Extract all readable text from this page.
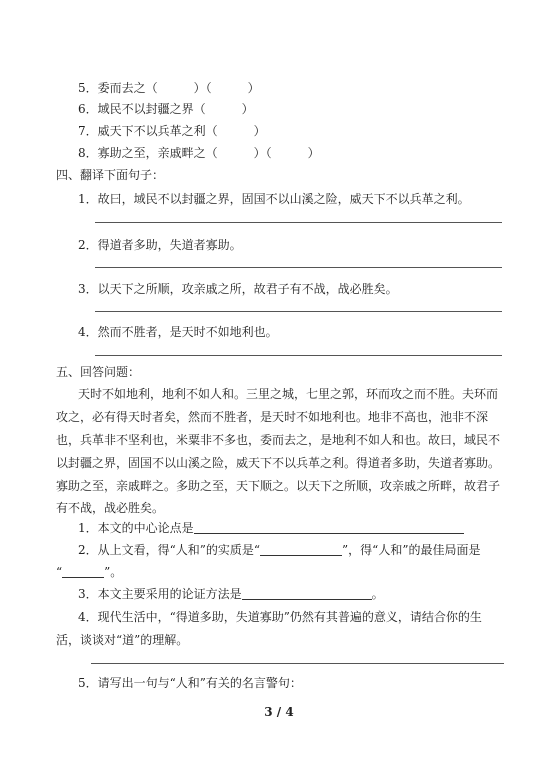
5．委而去之（　　　）（　　　）
6．域民不以封疆之界（　　　）
7．威天下不以兵革之利（　　　）
8．寡助之至，亲戚畔之（　　　）（　　　）
四、翻译下面句子：
1．故曰，域民不以封疆之界，固国不以山溪之险，威天下不以兵革之利。
2．得道者多助，失道者寡助。
3．以天下之所顺，攻亲戚之所，故君子有不战，战必胜矣。
4．然而不胜者，是天时不如地利也。
五、回答问题：
天时不如地利，地利不如人和。三里之城，七里之郭，环而攻之而不胜。夫环而
攻之，必有得天时者矣，然而不胜者，是天时不如地利也。地非不高也，池非不深
也，兵革非不坚利也，米粟非不多也，委而去之，是地利不如人和也。故曰，域民不
以封疆之界，固国不以山溪之险，威天下不以兵革之利。得道者多助，失道者寡助。
寡助之至，亲戚畔之。多助之至，天下顺之。以天下之所顺，攻亲戚之所畔，故君子
有不战，战必胜矣。
1．本文的中心论点是
2．从上文看，得“人和”的实质是“	”，得“人和”的最佳局面是
“	”。
3．本文主要采用的论证方法是	。
4．现代生活中，“得道多助，失道寡助”仍然有其普遍的意义，请结合你的生
活，谈谈对“道”的理解。
5．请写出一句与“人和”有关的名言警句：
3 / 4
